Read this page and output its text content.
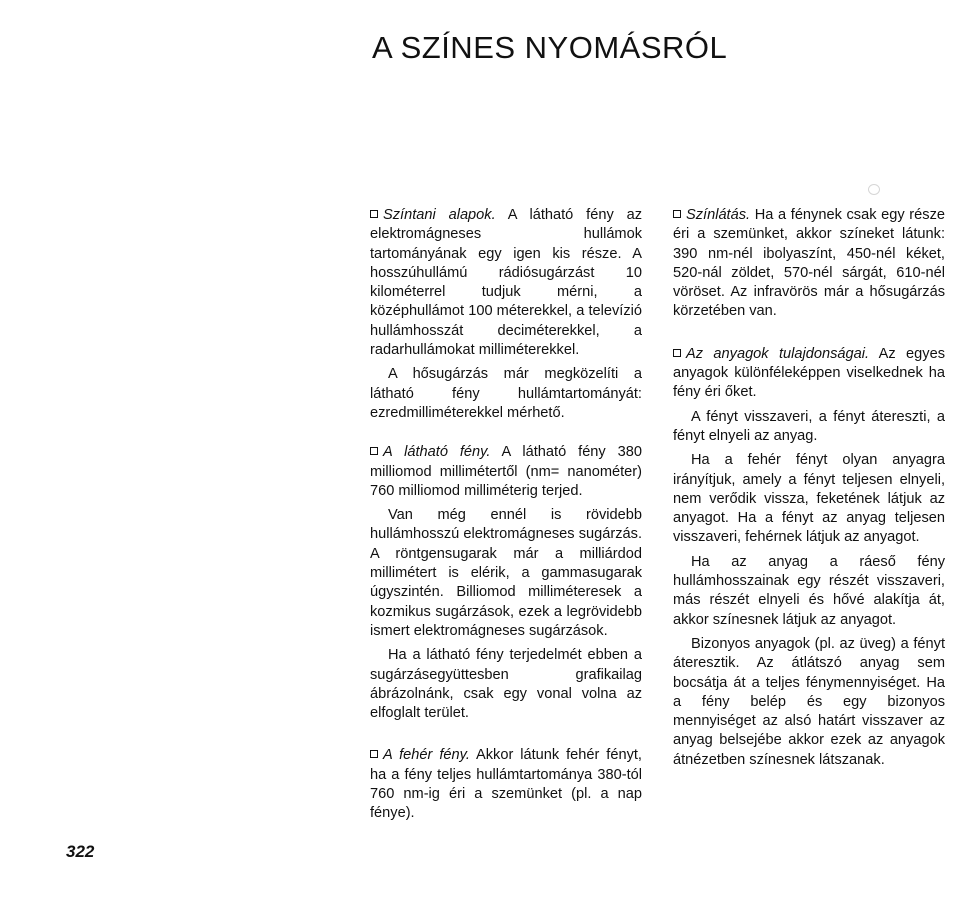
A SZÍNES NYOMÁSRÓL

Színtani alapok. A látható fény az elektromágneses hullámok tartományának egy igen kis része. A hosszúhullámú rádiósugárzást 10 kilométerrel tudjuk mérni, a középhullámot 100 méterekkel, a televízió hullámhosszát deciméterekkel, a radarhullámokat milliméterekkel.

A hősugárzás már megközelíti a látható fény hullámtartományát: ezredmilliméterekkel mérhető.

A látható fény. A látható fény 380 milliomod millimétertől (nm= nanométer) 760 milliomod milliméterig terjed.

Van még ennél is rövidebb hullámhosszú elektromágneses sugárzás. A röntgensugarak már a milliárdod millimétert is elérik, a gammasugarak úgyszintén. Billiomod milliméteresek a kozmikus sugárzások, ezek a legrövidebb ismert elektromágneses sugárzások.

Ha a látható fény terjedelmét ebben a sugárzásegyüttesben grafikailag ábrázolnánk, csak egy vonal volna az elfoglalt terület.

A fehér fény. Akkor látunk fehér fényt, ha a fény teljes hullámtartománya 380-tól 760 nm-ig éri a szemünket (pl. a nap fénye).

Színlátás. Ha a fénynek csak egy része éri a szemünket, akkor színeket látunk: 390 nm-nél ibolyaszínt, 450-nél kéket, 520-nál zöldet, 570-nél sárgát, 610-nél vöröset. Az infravörös már a hősugárzás körzetében van.

Az anyagok tulajdonságai. Az egyes anyagok különféleképpen viselkednek ha fény éri őket.

A fényt visszaveri, a fényt átereszti, a fényt elnyeli az anyag.

Ha a fehér fényt olyan anyagra irányítjuk, amely a fényt teljesen elnyeli, nem verődik vissza, feketének látjuk az anyagot. Ha a fényt az anyag teljesen visszaveri, fehérnek látjuk az anyagot.

Ha az anyag a ráeső fény hullámhosszainak egy részét visszaveri, más részét elnyeli és hővé alakítja át, akkor színesnek látjuk az anyagot.

Bizonyos anyagok (pl. az üveg) a fényt áteresztik. Az átlátszó anyag sem bocsátja át a teljes fénymennyiséget. Ha a fény belép és egy bizonyos mennyiséget az alsó határt visszaver az anyag belsejébe akkor ezek az anyagok átnézetben színesnek látszanak.

322
